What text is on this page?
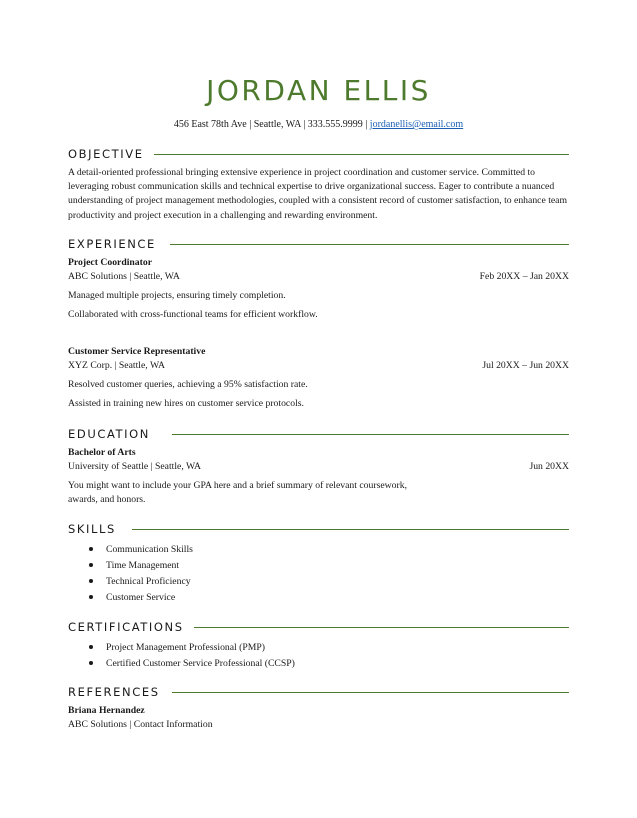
JORDAN ELLIS
456 East 78th Ave | Seattle, WA | 333.555.9999 | jordanellis@email.com
OBJECTIVE

A detail-oriented professional bringing extensive experience in project coordination and customer service. Committed to leveraging robust communication skills and technical expertise to drive organizational success. Eager to contribute a nuanced understanding of project management methodologies, coupled with a consistent record of customer satisfaction, to enhance team productivity and project execution in a challenging and rewarding environment.

EXPERIENCE
Project Coordinator
ABC Solutions | Seattle, WA	Feb 20XX – Jan 20XX
Managed multiple projects, ensuring timely completion.
Collaborated with cross-functional teams for efficient workflow.
Customer Service Representative
XYZ Corp. | Seattle, WA	Jul 20XX – Jun 20XX
Resolved customer queries, achieving a 95% satisfaction rate.
Assisted in training new hires on customer service protocols.
EDUCATION
Bachelor of Arts
University of Seattle | Seattle, WA	Jun 20XX

You might want to include your GPA here and a brief summary of relevant coursework, awards, and honors.

SKILLS
Communication Skills
Time Management
Technical Proficiency
Customer Service
CERTIFICATIONS
Project Management Professional (PMP)
Certified Customer Service Professional (CCSP)
REFERENCES
Briana Hernandez
ABC Solutions | Contact Information
